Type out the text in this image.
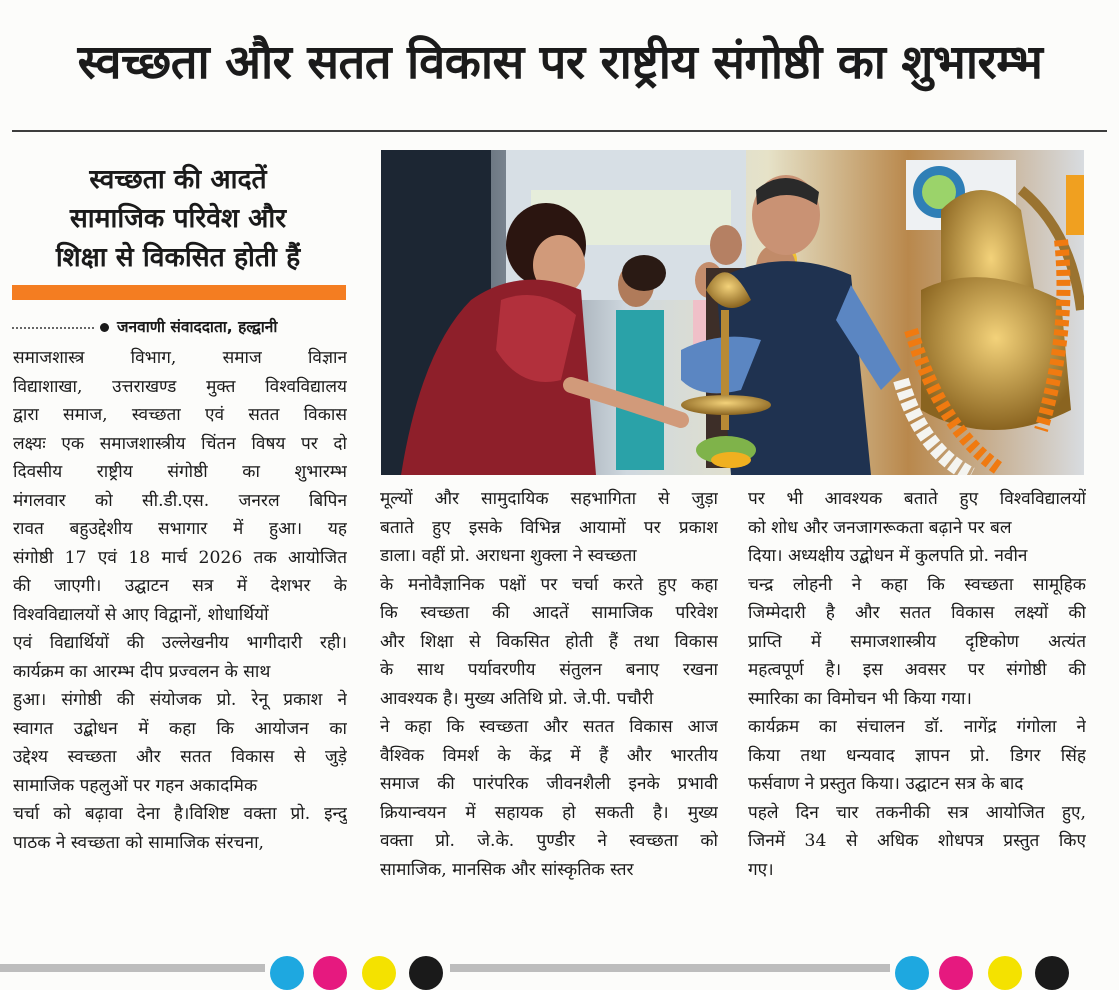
स्वच्छता और सतत विकास पर राष्ट्रीय संगोष्ठी का शुभारम्भ
स्वच्छता की आदतें
सामाजिक परिवेश और
शिक्षा से विकसित होती हैं
जनवाणी संवाददाता, हल्द्वानी
समाजशास्त्र विभाग, समाज विज्ञान
विद्याशाखा, उत्तराखण्ड मुक्त विश्वविद्यालय
द्वारा समाज, स्वच्छता एवं सतत विकास
लक्ष्यः एक समाजशास्त्रीय चिंतन विषय पर दो
दिवसीय राष्ट्रीय संगोष्ठी का शुभारम्भ
मंगलवार को सी.डी.एस. जनरल बिपिन
रावत बहुउद्देशीय सभागार में हुआ। यह
संगोष्ठी 17 एवं 18 मार्च 2026 तक आयोजित
की जाएगी। उद्घाटन सत्र में देशभर के
विश्वविद्यालयों से आए विद्वानों, शोधार्थियों
एवं विद्यार्थियों की उल्लेखनीय भागीदारी रही।
कार्यक्रम का आरम्भ दीप प्रज्वलन के साथ
हुआ। संगोष्ठी की संयोजक प्रो. रेनू प्रकाश ने
स्वागत उद्बोधन में कहा कि आयोजन का
उद्देश्य स्वच्छता और सतत विकास से जुड़े
सामाजिक पहलुओं पर गहन अकादमिक
चर्चा को बढ़ावा देना है।विशिष्ट वक्ता प्रो. इन्दु
पाठक ने स्वच्छता को सामाजिक संरचना,
मूल्यों और सामुदायिक सहभागिता से जुड़ा
बताते हुए इसके विभिन्न आयामों पर प्रकाश
डाला। वहीं प्रो. अराधना शुक्ला ने स्वच्छता
के मनोवैज्ञानिक पक्षों पर चर्चा करते हुए कहा
कि स्वच्छता की आदतें सामाजिक परिवेश
और शिक्षा से विकसित होती हैं तथा विकास
के साथ पर्यावरणीय संतुलन बनाए रखना
आवश्यक है। मुख्य अतिथि प्रो. जे.पी. पचौरी
ने कहा कि स्वच्छता और सतत विकास आज
वैश्विक विमर्श के केंद्र में हैं और भारतीय
समाज की पारंपरिक जीवनशैली इनके प्रभावी
क्रियान्वयन में सहायक हो सकती है। मुख्य
वक्ता प्रो. जे.के. पुण्डीर ने स्वच्छता को
सामाजिक, मानसिक और सांस्कृतिक स्तर
पर भी आवश्यक बताते हुए विश्वविद्यालयों
को शोध और जनजागरूकता बढ़ाने पर बल
दिया। अध्यक्षीय उद्बोधन में कुलपति प्रो. नवीन
चन्द्र लोहनी ने कहा कि स्वच्छता सामूहिक
जिम्मेदारी है और सतत विकास लक्ष्यों की
प्राप्ति में समाजशास्त्रीय दृष्टिकोण अत्यंत
महत्वपूर्ण है। इस अवसर पर संगोष्ठी की
स्मारिका का विमोचन भी किया गया।
कार्यक्रम का संचालन डॉ. नागेंद्र गंगोला ने
किया तथा धन्यवाद ज्ञापन प्रो. डिगर सिंह
फर्सवाण ने प्रस्तुत किया। उद्घाटन सत्र के बाद
पहले दिन चार तकनीकी सत्र आयोजित हुए,
जिनमें 34 से अधिक शोधपत्र प्रस्तुत किए
गए।
